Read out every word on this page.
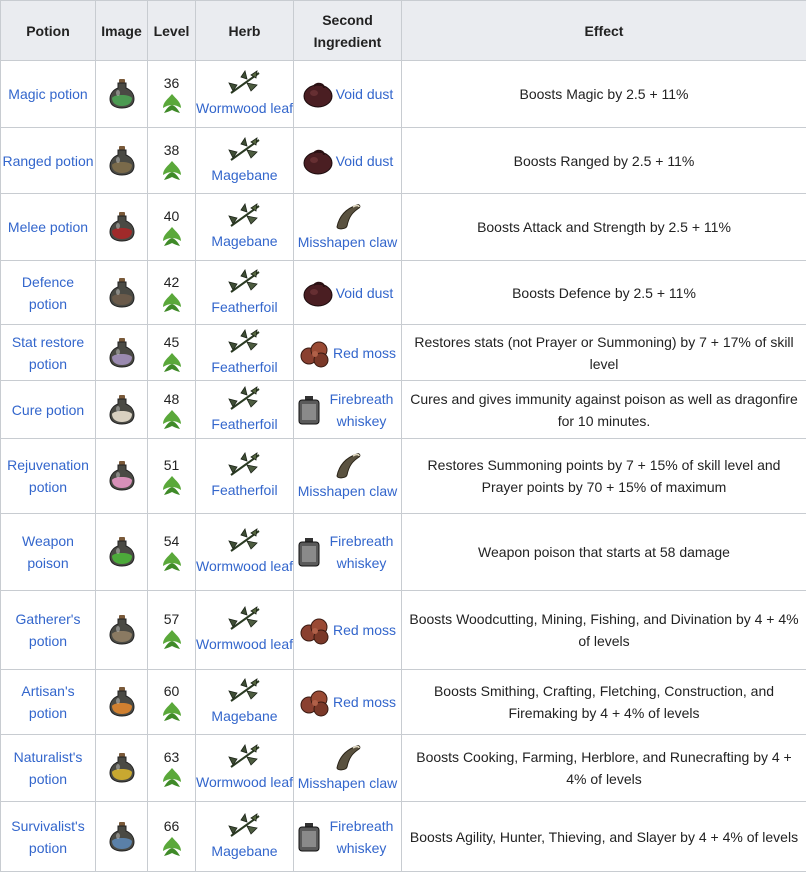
Potion	Image	Level	Herb	Second
Ingredient	Effect
Magic potion		36	Wormwood leaf	Void dust	Boosts Magic by 2.5 + 11%
Ranged potion		38	Magebane	Void dust	Boosts Ranged by 2.5 + 11%
Melee potion		40	Magebane	Misshapen claw	Boosts Attack and Strength by 2.5 + 11%
Defence potion		42	Featherfoil	Void dust	Boosts Defence by 2.5 + 11%
Stat restore potion		45	Featherfoil	Red moss	Restores stats (not Prayer or Summoning) by 7 + 17% of skill level
Cure potion		48	Featherfoil	Firebreath whiskey	Cures and gives immunity against poison as well as dragonfire for 10 minutes.
Rejuvenation potion		51	Featherfoil	Misshapen claw	Restores Summoning points by 7 + 15% of skill level and Prayer points by 70 + 15% of maximum
Weapon poison		54	Wormwood leaf	Firebreath whiskey	Weapon poison that starts at 58 damage
Gatherer's potion		57	Wormwood leaf	Red moss	Boosts Woodcutting, Mining, Fishing, and Divination by 4 + 4% of levels
Artisan's potion		60	Magebane	Red moss	Boosts Smithing, Crafting, Fletching, Construction, and Firemaking by 4 + 4% of levels
Naturalist's potion		63	Wormwood leaf	Misshapen claw	Boosts Cooking, Farming, Herblore, and Runecrafting by 4 + 4% of levels
Survivalist's potion		66	Magebane	Firebreath whiskey	Boosts Agility, Hunter, Thieving, and Slayer by 4 + 4% of levels
